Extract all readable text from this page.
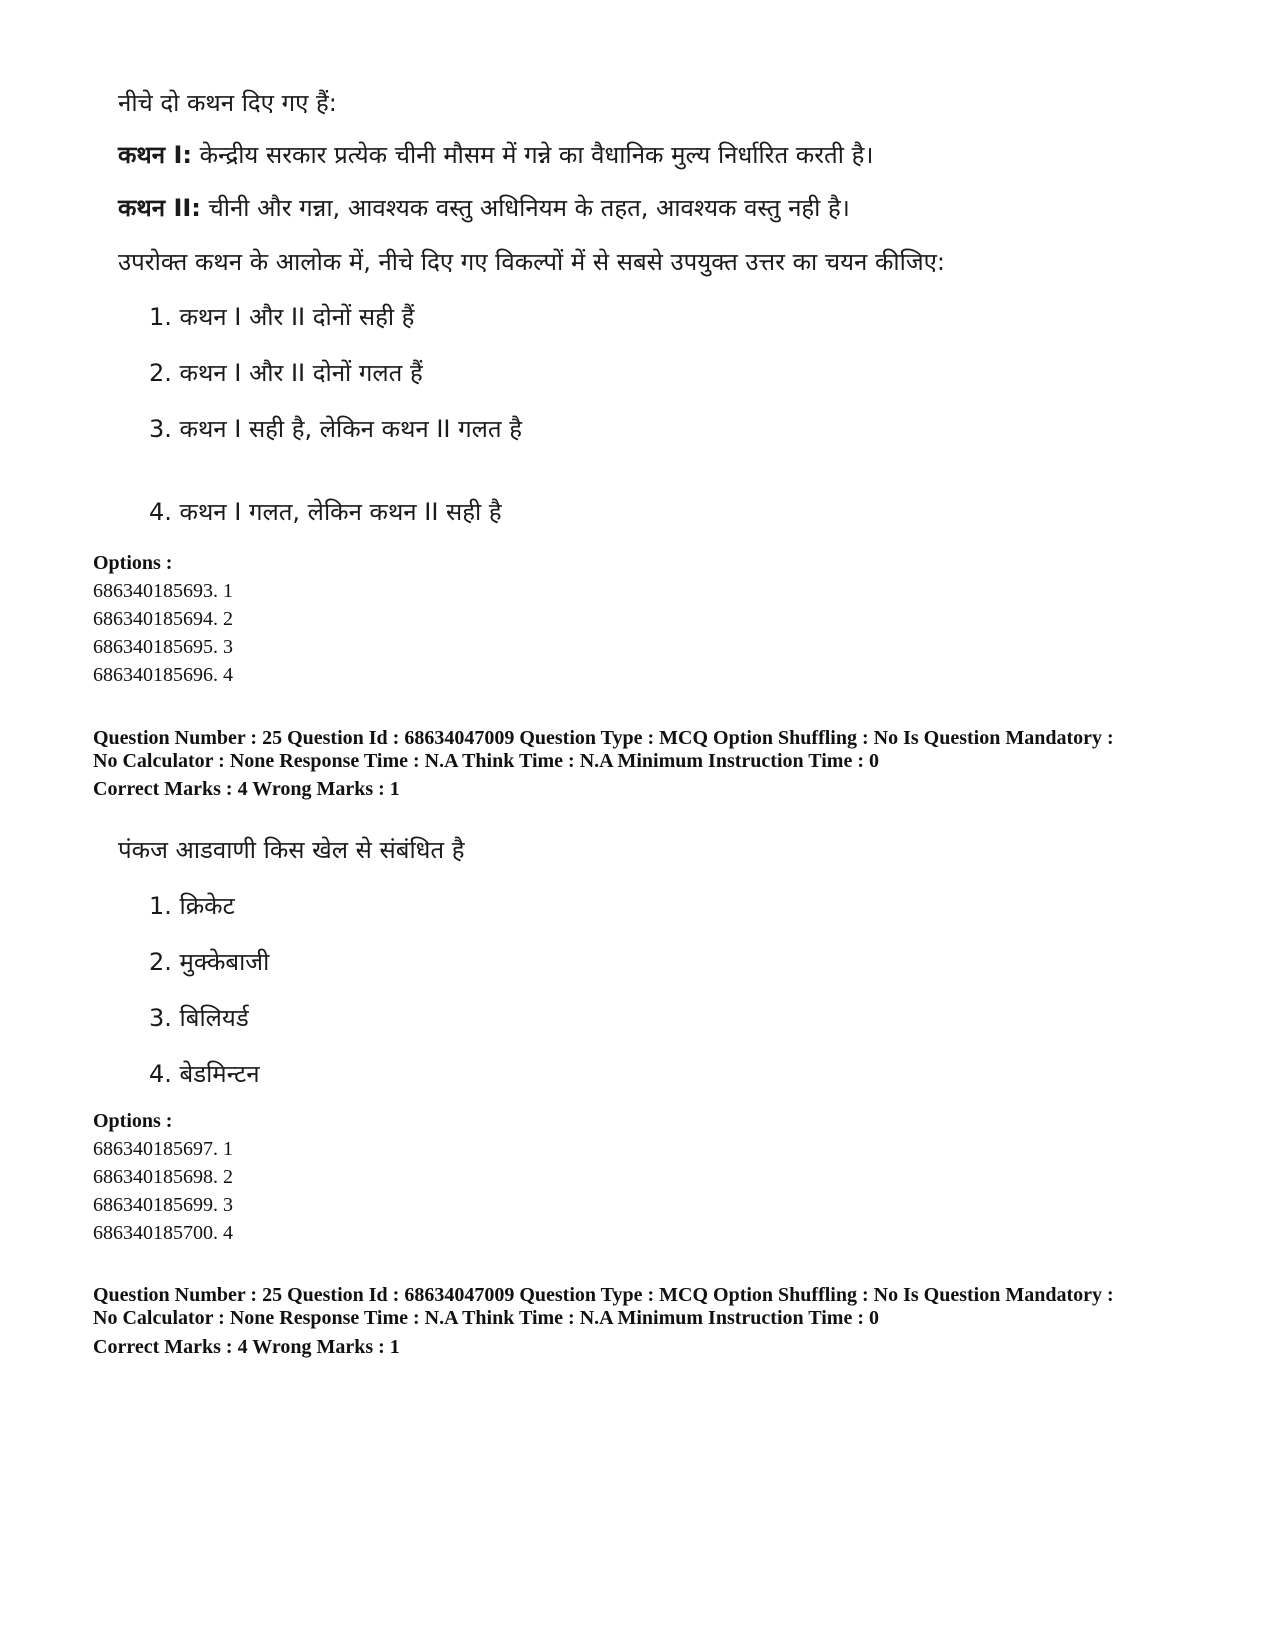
नीचे दो कथन दिए गए हैं:
कथन I: केन्द्रीय सरकार प्रत्येक चीनी मौसम में गन्ने का वैधानिक मुल्य निर्धारित करती है।
कथन II: चीनी और गन्ना, आवश्यक वस्तु अधिनियम के तहत, आवश्यक वस्तु नही है।
उपरोक्त कथन के आलोक में, नीचे दिए गए विकल्पों में से सबसे उपयुक्त उत्तर का चयन कीजिए:
1. कथन I और II दोनों सही हैं
2. कथन I और II दोनों गलत हैं
3. कथन I सही है, लेकिन कथन II गलत है
4. कथन I गलत, लेकिन कथन II सही है
Options :
686340185693. 1
686340185694. 2
686340185695. 3
686340185696. 4
Question Number : 25 Question Id : 68634047009 Question Type : MCQ Option Shuffling : No Is Question Mandatory :
No Calculator : None Response Time : N.A Think Time : N.A Minimum Instruction Time : 0
Correct Marks : 4 Wrong Marks : 1
पंकज आडवाणी किस खेल से संबंधित है
1. क्रिकेट
2. मुक्केबाजी
3. बिलियर्ड
4. बेडमिन्टन
Options :
686340185697. 1
686340185698. 2
686340185699. 3
686340185700. 4
Question Number : 25 Question Id : 68634047009 Question Type : MCQ Option Shuffling : No Is Question Mandatory :
No Calculator : None Response Time : N.A Think Time : N.A Minimum Instruction Time : 0
Correct Marks : 4 Wrong Marks : 1
